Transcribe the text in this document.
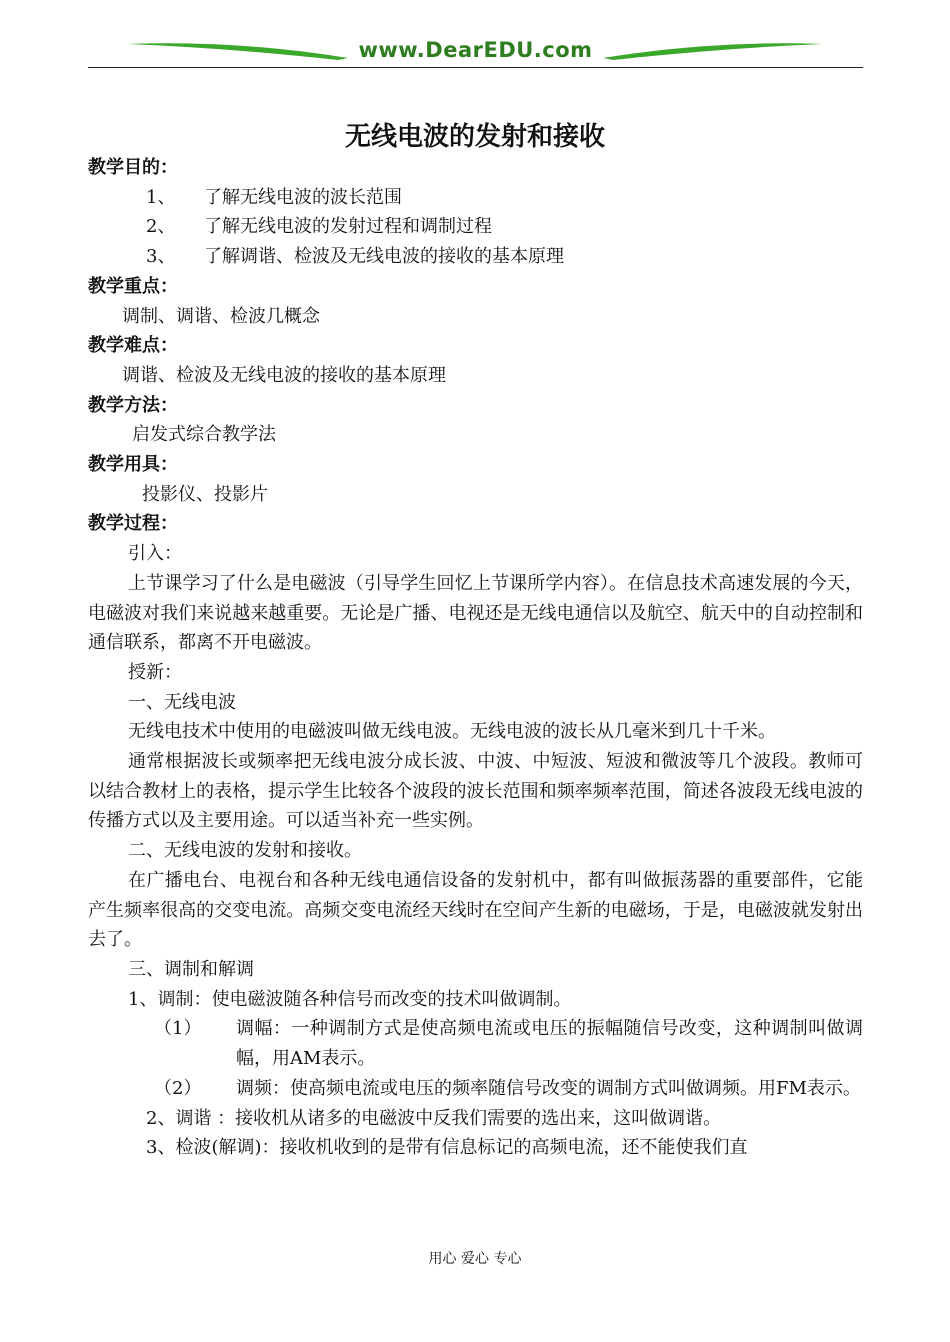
www.DearEDU.com
无线电波的发射和接收

教学目的：

1、	了解无线电波的波长范围

2、	了解无线电波的发射过程和调制过程

3、	了解调谐、检波及无线电波的接收的基本原理

教学重点：

调制、调谐、检波几概念

教学难点：

调谐、检波及无线电波的接收的基本原理

教学方法：

启发式综合教学法

教学用具：

投影仪、投影片

教学过程：

引入：

上节课学习了什么是电磁波（引导学生回忆上节课所学内容）。在信息技术高速发展的今天，电磁波对我们来说越来越重要。无论是广播、电视还是无线电通信以及航空、航天中的自动控制和通信联系，都离不开电磁波。

授新：

一、无线电波

无线电技术中使用的电磁波叫做无线电波。无线电波的波长从几毫米到几十千米。

通常根据波长或频率把无线电波分成长波、中波、中短波、短波和微波等几个波段。教师可以结合教材上的表格，提示学生比较各个波段的波长范围和频率频率范围，简述各波段无线电波的传播方式以及主要用途。可以适当补充一些实例。

二、无线电波的发射和接收。

在广播电台、电视台和各种无线电通信设备的发射机中，都有叫做振荡器的重要部件，它能产生频率很高的交变电流。高频交变电流经天线时在空间产生新的电磁场，于是，电磁波就发射出去了。

三、调制和解调

1、调制：使电磁波随各种信号而改变的技术叫做调制。

（1）	调幅：一种调制方式是使高频电流或电压的振幅随信号改变，这种调制叫做调幅，用AM表示。

（2）	调频：使高频电流或电压的频率随信号改变的调制方式叫做调频。用FM表示。

2、调谐 ：接收机从诸多的电磁波中反我们需要的选出来，这叫做调谐。

3、检波(解调)：接收机收到的是带有信息标记的高频电流，还不能使我们直

用心 爱心 专心
